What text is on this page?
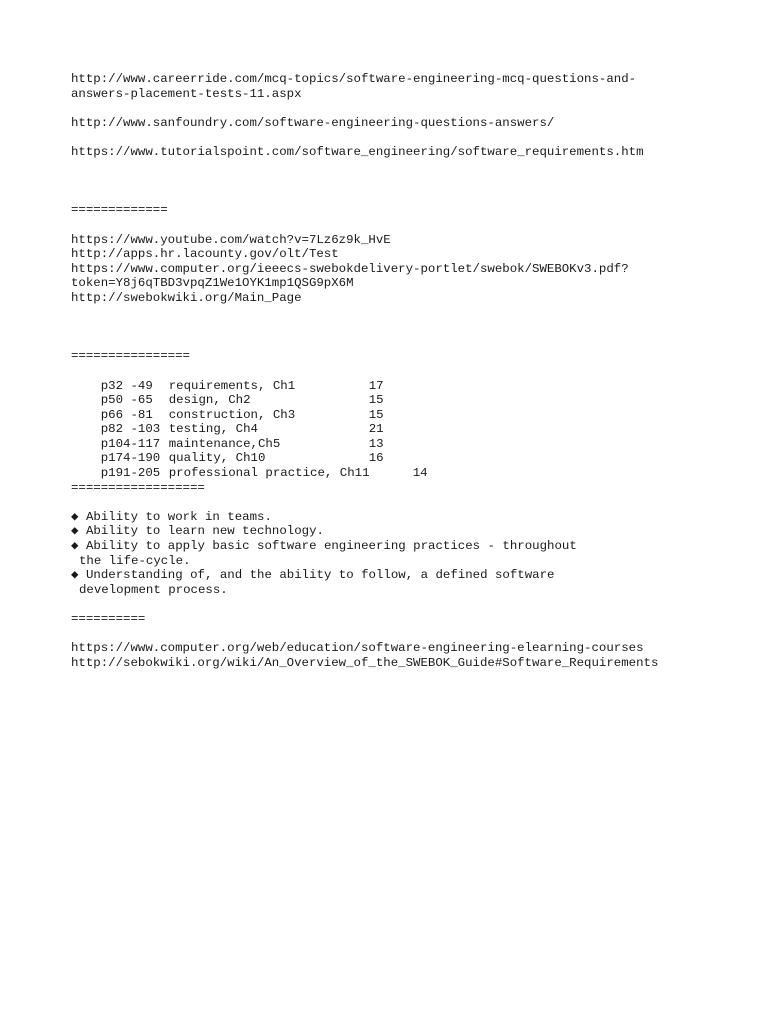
http://www.careerride.com/mcq-topics/software-engineering-mcq-questions-and-
answers-placement-tests-11.aspx
http://www.sanfoundry.com/software-engineering-questions-answers/
https://www.tutorialspoint.com/software_engineering/software_requirements.htm
=============
https://www.youtube.com/watch?v=7Lz6z9k_HvE
http://apps.hr.lacounty.gov/olt/Test
https://www.computer.org/ieeecs-swebokdelivery-portlet/swebok/SWEBOKv3.pdf?
token=Y8j6qTBD3vpqZ1We1OYK1mp1QSG9pX6M
http://swebokwiki.org/Main_Page
================

p32 -49 requirements, Ch1	17

p50 -65 design, Ch2	15

p66 -81 construction, Ch3	15

p82 -103 testing, Ch4	21

p104-117 maintenance,Ch5	13

p174-190 quality, Ch10	16

p191-205 professional practice, Ch11	14

==================
◆ Ability to work in teams.
◆ Ability to learn new technology.
◆ Ability to apply basic software engineering practices - throughout
the life-cycle.
◆ Understanding of, and the ability to follow, a defined software
development process.
==========
https://www.computer.org/web/education/software-engineering-elearning-courses
http://sebokwiki.org/wiki/An_Overview_of_the_SWEBOK_Guide#Software_Requirements
